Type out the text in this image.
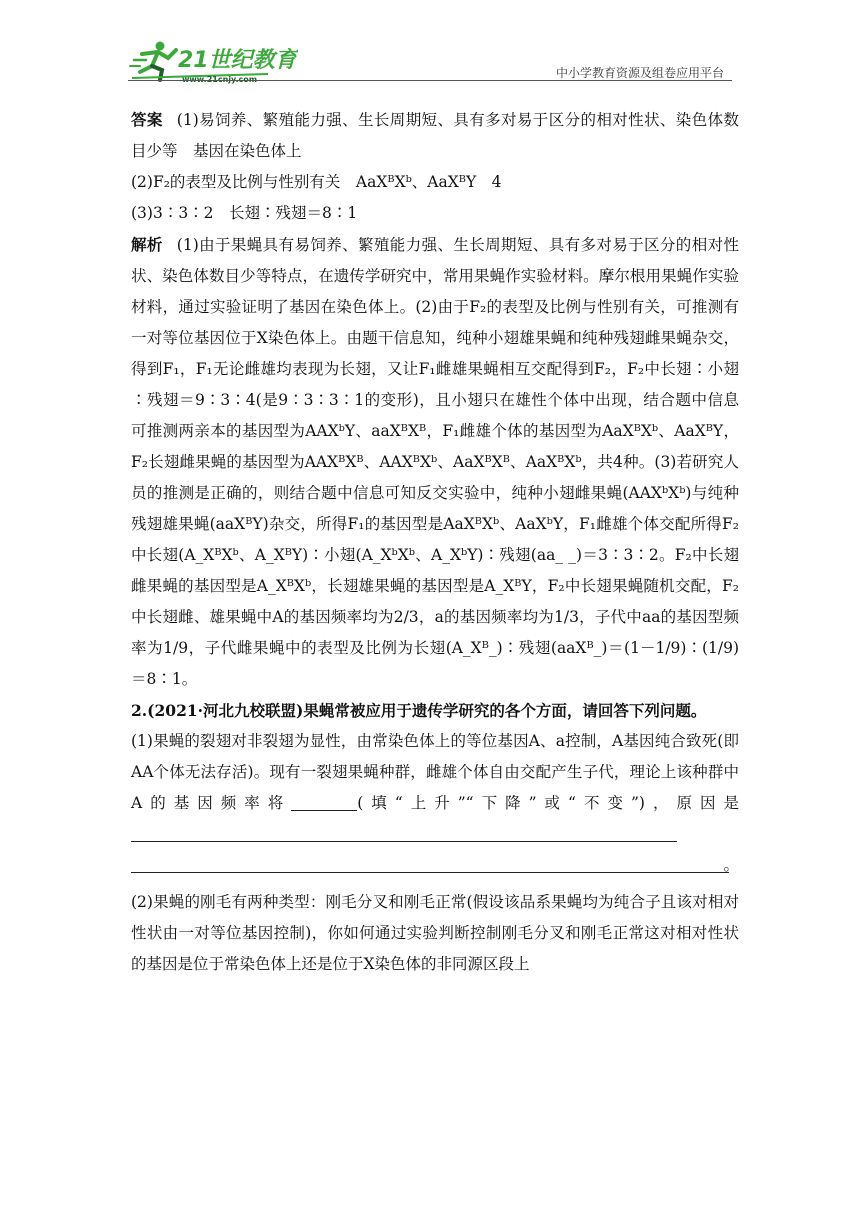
21世纪教育	中小学教育资源及组卷应用平台

答案 (1)易饲养、繁殖能力强、生长周期短、具有多对易于区分的相对性状、染色体数目少等　基因在染色体上

(2)F₂的表型及比例与性别有关　AaXᴮXᵇ、AaXᴮY　4

(3)3∶3∶2　长翅∶残翅＝8∶1

解析 (1)由于果蝇具有易饲养、繁殖能力强、生长周期短、具有多对易于区分的相对性状、染色体数目少等特点，在遗传学研究中，常用果蝇作实验材料。摩尔根用果蝇作实验材料，通过实验证明了基因在染色体上。(2)由于F₂的表型及比例与性别有关，可推测有一对等位基因位于X染色体上。由题干信息知，纯种小翅雄果蝇和纯种残翅雌果蝇杂交，得到F₁，F₁无论雌雄均表现为长翅，又让F₁雌雄果蝇相互交配得到F₂，F₂中长翅∶小翅∶残翅＝9∶3∶4(是9∶3∶3∶1的变形)，且小翅只在雄性个体中出现，结合题中信息可推测两亲本的基因型为AAXᵇY、aaXᴮXᴮ，F₁雌雄个体的基因型为AaXᴮXᵇ、AaXᴮY，F₂长翅雌果蝇的基因型为AAXᴮXᴮ、AAXᴮXᵇ、AaXᴮXᴮ、AaXᴮXᵇ，共4种。(3)若研究人员的推测是正确的，则结合题中信息可知反交实验中，纯种小翅雌果蝇(AAXᵇXᵇ)与纯种残翅雄果蝇(aaXᴮY)杂交，所得F₁的基因型是AaXᴮXᵇ、AaXᵇY，F₁雌雄个体交配所得F₂中长翅(A_XᴮXᵇ、A_XᴮY)∶小翅(A_XᵇXᵇ、A_XᵇY)∶残翅(aa_ _)＝3∶3∶2。F₂中长翅雌果蝇的基因型是A_XᴮXᵇ，长翅雄果蝇的基因型是A_XᴮY，F₂中长翅果蝇随机交配，F₂中长翅雌、雄果蝇中A的基因频率均为2/3，a的基因频率均为1/3，子代中aa的基因型频率为1/9，子代雌果蝇中的表型及比例为长翅(A_Xᴮ_)∶残翅(aaXᴮ_)＝(1－1/9)∶(1/9)＝8∶1。

2.(2021·河北九校联盟)果蝇常被应用于遗传学研究的各个方面，请回答下列问题。

(1)果蝇的裂翅对非裂翅为显性，由常染色体上的等位基因A、a控制，A基因纯合致死(即AA个体无法存活)。现有一裂翅果蝇种群，雌雄个体自由交配产生子代，理论上该种群中A的基因频率将	(填“上升”“下降”或“不变”)，原因是

。

(2)果蝇的刚毛有两种类型：刚毛分叉和刚毛正常(假设该品系果蝇均为纯合子且该对相对性状由一对等位基因控制)，你如何通过实验判断控制刚毛分叉和刚毛正常这对相对性状的基因是位于常染色体上还是位于X染色体的非同源区段上
